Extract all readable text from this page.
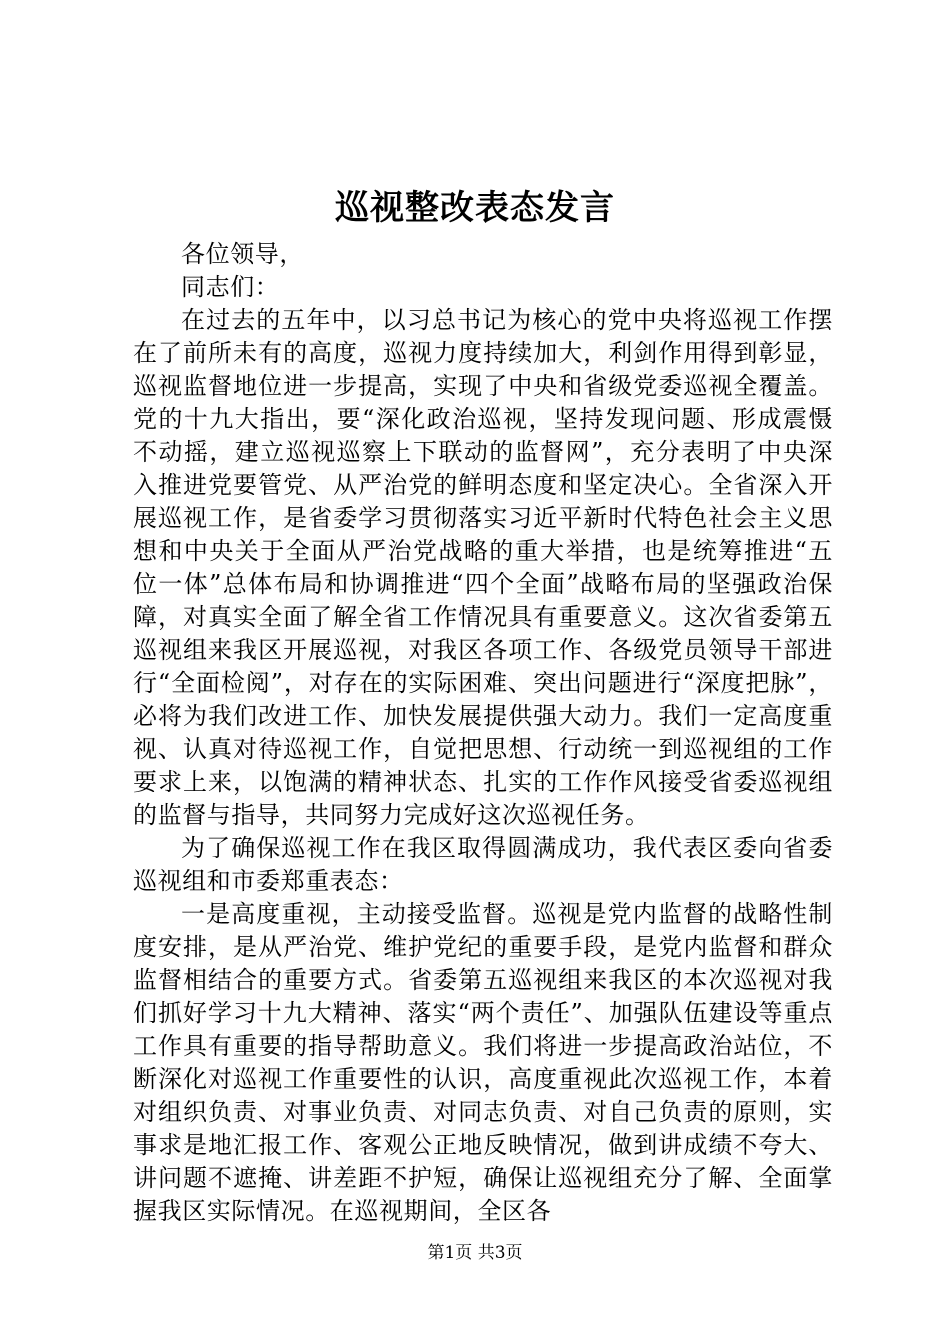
巡视整改表态发言

各位领导，

同志们：

在过去的五年中，以习总书记为核心的党中央将巡视工作摆在了前所未有的高度，巡视力度持续加大，利剑作用得到彰显，巡视监督地位进一步提高，实现了中央和省级党委巡视全覆盖。党的十九大指出，要“深化政治巡视，坚持发现问题、形成震慑不动摇，建立巡视巡察上下联动的监督网”，充分表明了中央深入推进党要管党、从严治党的鲜明态度和坚定决心。全省深入开展巡视工作，是省委学习贯彻落实习近平新时代特色社会主义思想和中央关于全面从严治党战略的重大举措，也是统筹推进“五位一体”总体布局和协调推进“四个全面”战略布局的坚强政治保障，对真实全面了解全省工作情况具有重要意义。这次省委第五巡视组来我区开展巡视，对我区各项工作、各级党员领导干部进行“全面检阅”，对存在的实际困难、突出问题进行“深度把脉”，必将为我们改进工作、加快发展提供强大动力。我们一定高度重视、认真对待巡视工作，自觉把思想、行动统一到巡视组的工作要求上来，以饱满的精神状态、扎实的工作作风接受省委巡视组的监督与指导，共同努力完成好这次巡视任务。

为了确保巡视工作在我区取得圆满成功，我代表区委向省委巡视组和市委郑重表态：

一是高度重视，主动接受监督。巡视是党内监督的战略性制度安排，是从严治党、维护党纪的重要手段，是党内监督和群众监督相结合的重要方式。省委第五巡视组来我区的本次巡视对我们抓好学习十九大精神、落实“两个责任”、加强队伍建设等重点工作具有重要的指导帮助意义。我们将进一步提高政治站位，不断深化对巡视工作重要性的认识，高度重视此次巡视工作，本着对组织负责、对事业负责、对同志负责、对自己负责的原则，实事求是地汇报工作、客观公正地反映情况，做到讲成绩不夸大、讲问题不遮掩、讲差距不护短，确保让巡视组充分了解、全面掌握我区实际情况。在巡视期间，全区各

第1页 共3页
